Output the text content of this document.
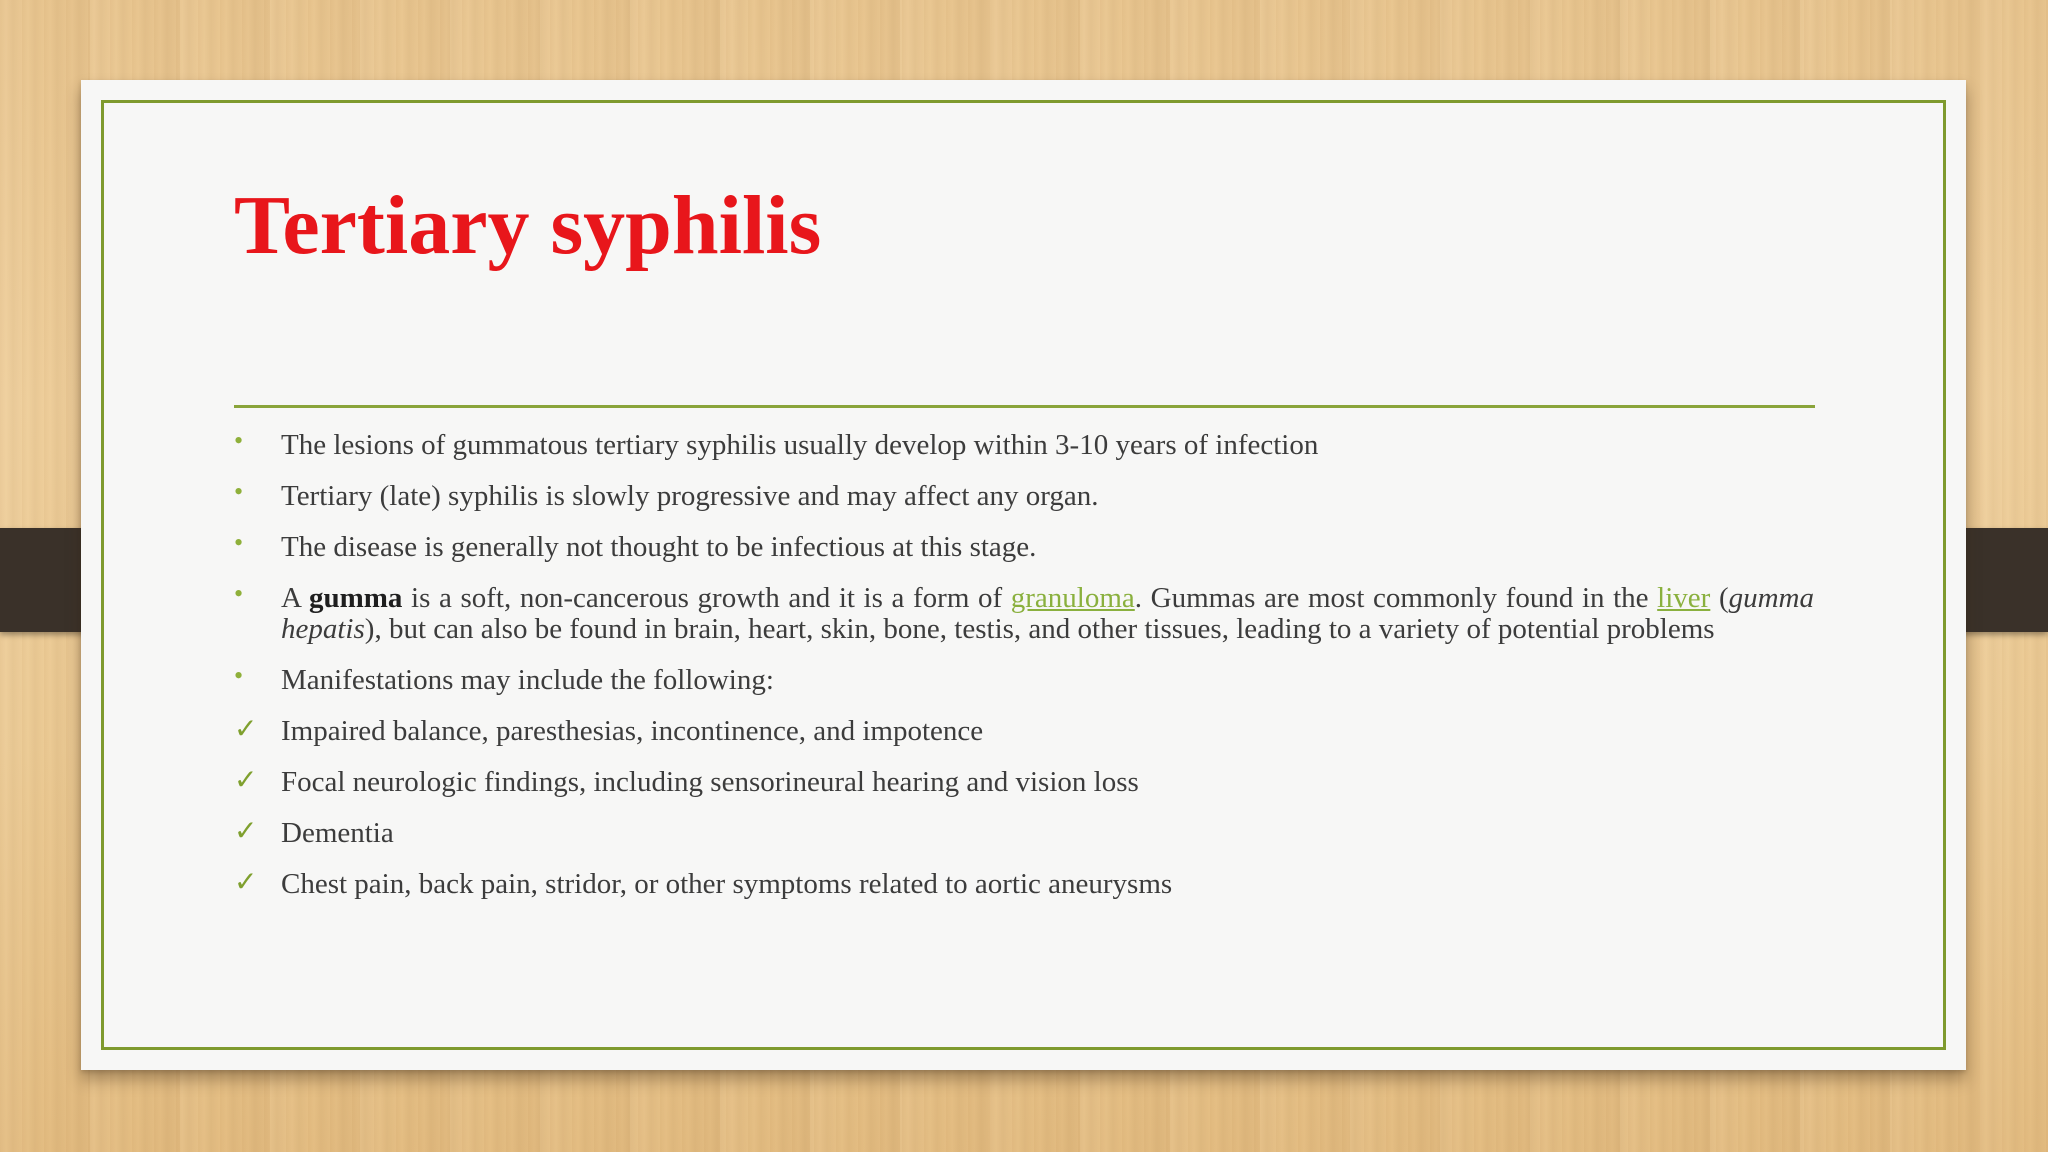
Tertiary syphilis
• The lesions of gummatous tertiary syphilis usually develop within 3-10 years of infection
• Tertiary (late) syphilis is slowly progressive and may affect any organ.
• The disease is generally not thought to be infectious at this stage.
• A gumma is a soft, non-cancerous growth and it is a form of granuloma. Gummas are most commonly found in the liver (gumma hepatis), but can also be found in brain, heart, skin, bone, testis, and other tissues, leading to a variety of potential problems
• Manifestations may include the following:
✓ Impaired balance, paresthesias, incontinence, and impotence
✓ Focal neurologic findings, including sensorineural hearing and vision loss
✓ Dementia
✓ Chest pain, back pain, stridor, or other symptoms related to aortic aneurysms
